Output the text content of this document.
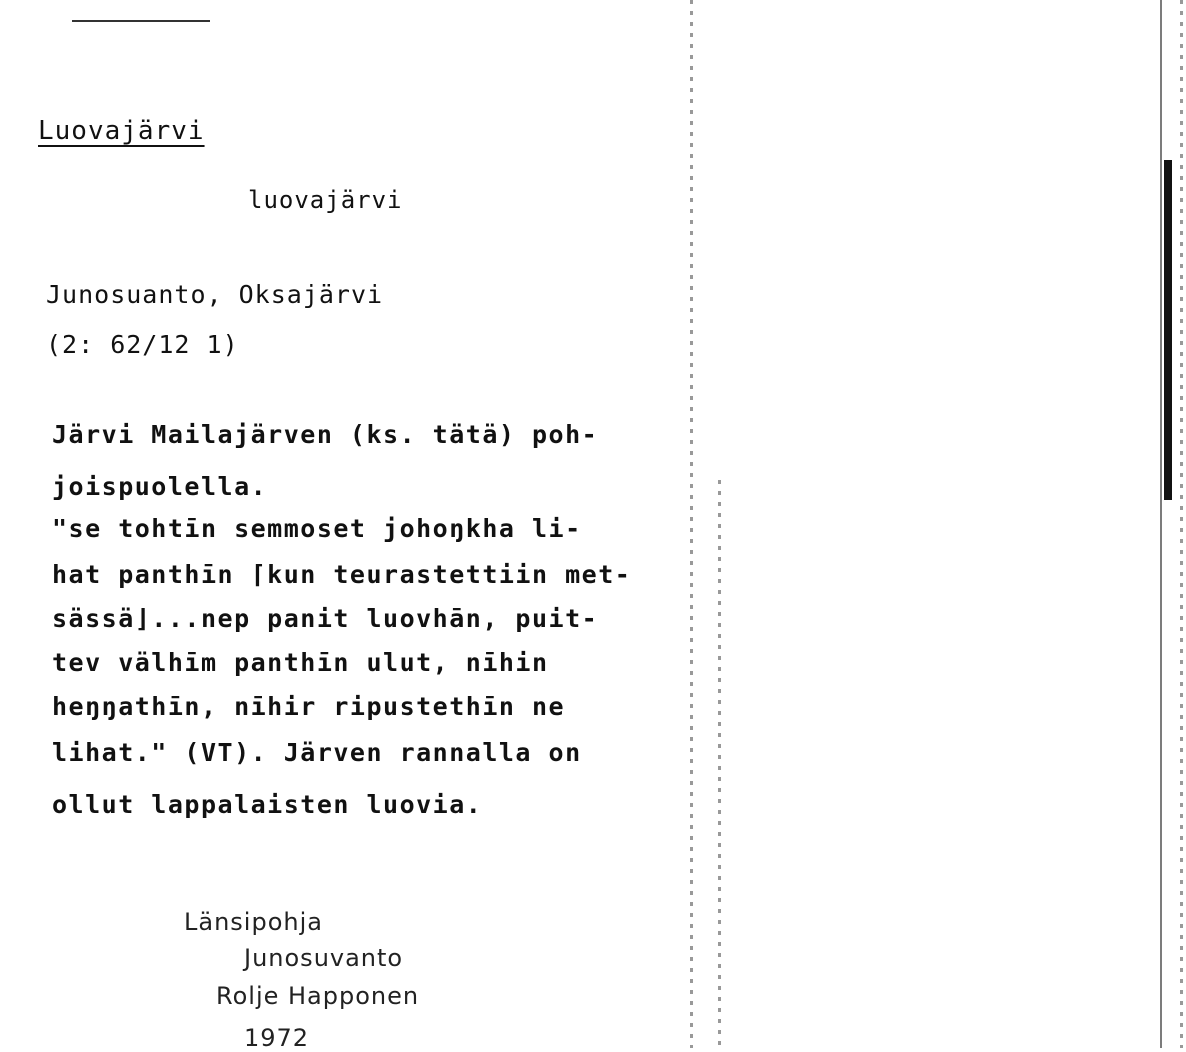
Luovajärvi
luovajärvi
Junosuanto, Oksajärvi
(2: 62/12 1)
Järvi Mailajärven (ks. tätä) poh-
joispuolella.
"se tohtīn semmoset johoŋkha li-
hat panthīn ⌈kun teurastettiin met-
sässä⌋...nep panit luovhān, puit-
tev välhīm panthīn ulut, nīhin
heŋŋathīn, nīhir ripustethīn ne
lihat." (VT). Järven rannalla on
ollut lappalaisten luovia.
Länsipohja
Junosuvanto
Rolje Happonen
1972
